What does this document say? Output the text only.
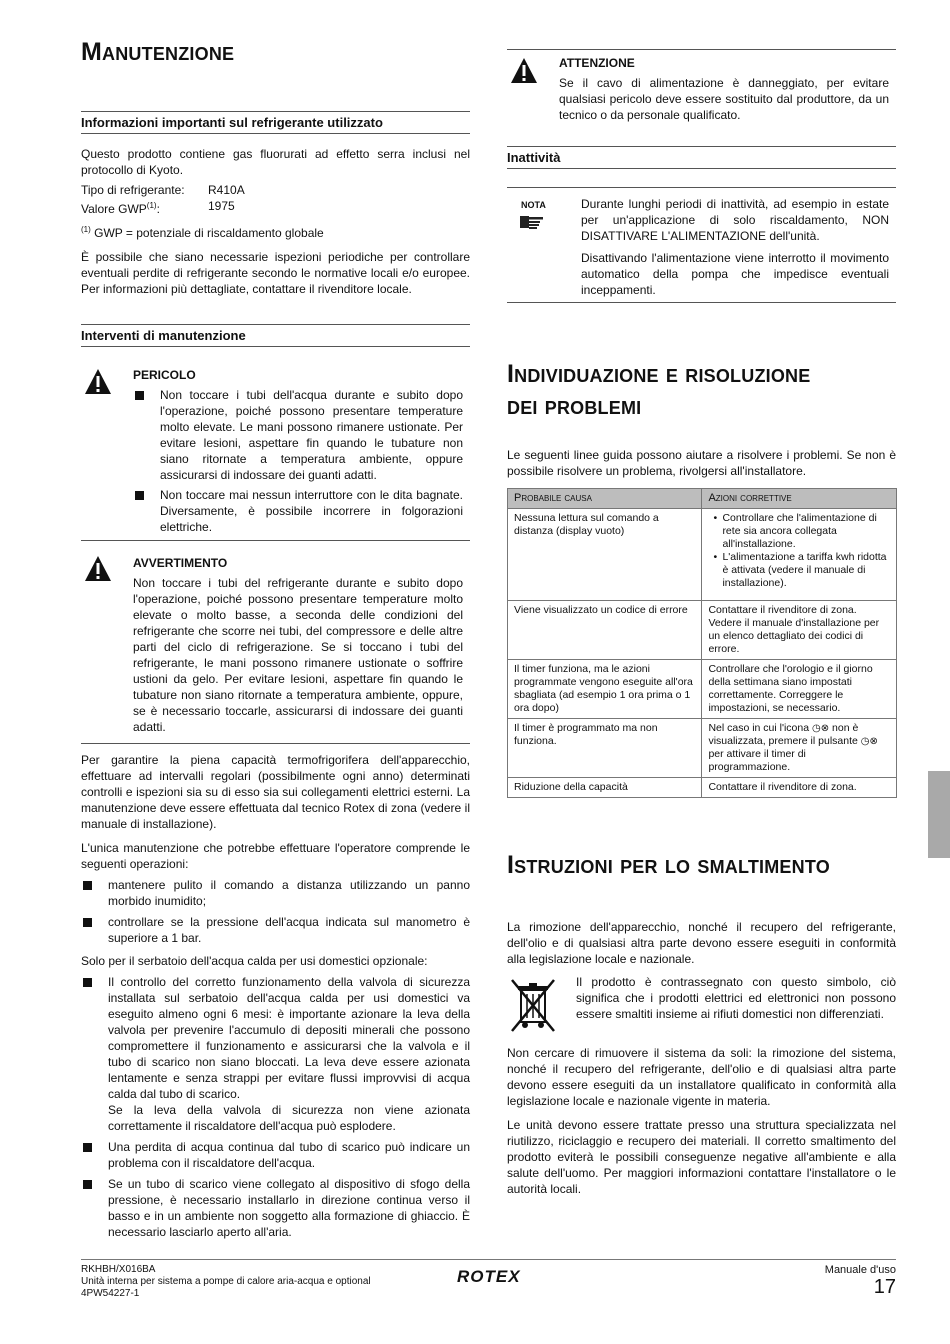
Manutenzione
Informazioni importanti sul refrigerante utilizzato

Questo prodotto contiene gas fluorurati ad effetto serra inclusi nel protocollo di Kyoto.

Tipo di refrigerante: R410A
Valore GWP$^{(1)}$:	1975

$^{(1)}$ GWP = potenziale di riscaldamento globale

È possibile che siano necessarie ispezioni periodiche per controllare eventuali perdite di refrigerante secondo le normative locali e/o europee. Per informazioni più dettagliate, contattare il rivenditore locale.

Interventi di manutenzione
PERICOLO
Non toccare i tubi dell'acqua durante e subito dopo l'operazione, poiché possono presentare temperature molto elevate. Le mani possono rimanere ustionate. Per evitare lesioni, aspettare fin quando le tubature non siano ritornate a temperatura ambiente, oppure assicurarsi di indossare dei guanti adatti.
Non toccare mai nessun interruttore con le dita bagnate. Diversamente, è possibile incorrere in folgorazioni elettriche.
AVVERTIMENTO

Non toccare i tubi del refrigerante durante e subito dopo l'operazione, poiché possono presentare temperature molto elevate o molto basse, a seconda delle condizioni del refrigerante che scorre nei tubi, del compressore e delle altre parti del ciclo di refrigerazione. Se si toccano i tubi del refrigerante, le mani possono rimanere ustionate o soffrire ustioni da gelo. Per evitare lesioni, aspettare fin quando le tubature non siano ritornate a temperatura ambiente, oppure, se è necessario toccarle, assicurarsi di indossare dei guanti adatti.

Per garantire la piena capacità termofrigorifera dell'apparecchio, effettuare ad intervalli regolari (possibilmente ogni anno) determinati controlli e ispezioni sia su di esso sia sui collegamenti elettrici esterni. La manutenzione deve essere effettuata dal tecnico Rotex di zona (vedere il manuale di installazione).

L'unica manutenzione che potrebbe effettuare l'operatore comprende le seguenti operazioni:

mantenere pulito il comando a distanza utilizzando un panno morbido inumidito;
controllare se la pressione dell'acqua indicata sul manometro è superiore a 1 bar.

Solo per il serbatoio dell'acqua calda per usi domestici opzionale:

Il controllo del corretto funzionamento della valvola di sicurezza installata sul serbatoio dell'acqua calda per usi domestici va eseguito almeno ogni 6 mesi: è importante azionare la leva della valvola per prevenire l'accumulo di depositi minerali che possono compromettere il funzionamento e assicurarsi che la valvola e il tubo di scarico non siano bloccati. La leva deve essere azionata lentamente e senza strappi per evitare flussi improvvisi di acqua calda dal tubo di scarico.
Se la leva della valvola di sicurezza non viene azionata correttamente il riscaldatore dell'acqua può esplodere.
Una perdita di acqua continua dal tubo di scarico può indicare un problema con il riscaldatore dell'acqua.
Se un tubo di scarico viene collegato al dispositivo di sfogo della pressione, è necessario installarlo in direzione continua verso il basso e in un ambiente non soggetto alla formazione di ghiaccio. È necessario lasciarlo aperto all'aria.
ATTENZIONE

Se il cavo di alimentazione è danneggiato, per evitare qualsiasi pericolo deve essere sostituito dal produttore, da un tecnico o da personale qualificato.

Inattività
NOTA	Durante lunghi periodi di inattività, ad esempio in estate per un'applicazione di solo riscaldamento, NON DISATTIVARE L'ALIMENTAZIONE dell'unità.

Disattivando l'alimentazione viene interrotto il movimento automatico della pompa che impedisce eventuali inceppamenti.

Individuazione e risoluzione
dei problemi

Le seguenti linee guida possono aiutare a risolvere i problemi. Se non è possibile risolvere un problema, rivolgersi all'installatore.

Probabile causa	Azioni correttive
Nessuna lettura sul comando a distanza (display vuoto)	• Controllare che l'alimentazione di rete sia ancora collegata all'installazione.
• L'alimentazione a tariffa kwh ridotta è attivata (vedere il manuale di installazione).

Viene visualizzato un codice di errore	Contattare il rivenditore di zona. Vedere il manuale d'installazione per un elenco dettagliato dei codici di errore.
Il timer funziona, ma le azioni programmate vengono eseguite all'ora sbagliata (ad esempio 1 ora prima o 1 ora dopo)	Controllare che l'orologio e il giorno della settimana siano impostati correttamente. Correggere le impostazioni, se necessario.
Il timer è programmato ma non funziona.	Nel caso in cui l'icona ◷⊗ non è visualizzata, premere il pulsante ◷⊗ per attivare il timer di programmazione.
Riduzione della capacità	Contattare il rivenditore di zona.
Istruzioni per lo smaltimento

La rimozione dell'apparecchio, nonché il recupero del refrigerante, dell'olio e di qualsiasi altra parte devono essere eseguiti in conformità alla legislazione locale e nazionale.

Il prodotto è contrassegnato con questo simbolo, ciò significa che i prodotti elettrici ed elettronici non possono essere smaltiti insieme ai rifiuti domestici non differenziati.

Non cercare di rimuovere il sistema da soli: la rimozione del sistema, nonché il recupero del refrigerante, dell'olio e di qualsiasi altra parte devono essere eseguiti da un installatore qualificato in conformità alla legislazione locale e nazionale vigente in materia.

Le unità devono essere trattate presso una struttura specializzata nel riutilizzo, riciclaggio e recupero dei materiali. Il corretto smaltimento del prodotto eviterà le possibili conseguenze negative all'ambiente e alla salute dell'uomo. Per maggiori informazioni contattare l'installatore o le autorità locali.

RKHBH/X016BA
Unità interna per sistema a pompe di calore aria-acqua e optional
4PW54227-1
ROTEX	Manuale d'uso
17
